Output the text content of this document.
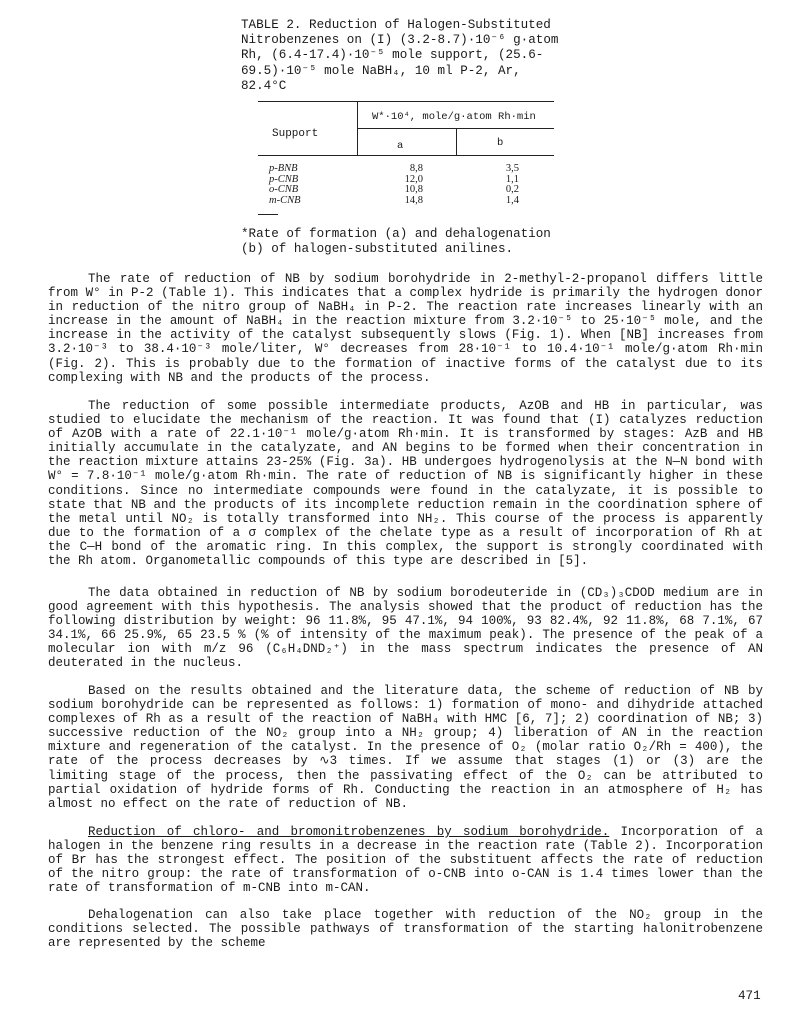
TABLE 2. Reduction of Halogen-Substituted Nitrobenzenes on (I) (3.2-8.7)·10⁻⁶ g·atom Rh, (6.4-17.4)·10⁻⁵ mole support, (25.6-69.5)·10⁻⁵ mole NaBH₄, 10 ml P-2, Ar, 82.4°C

Support
W*·10⁴, mole/g·atom Rh·min
a	b
p-BNB
p-CNB
o-CNB
m-CNB
8,8
12,0
10,8
14,8
3,5
1,1
0,2
1,4

*Rate of formation (a) and dehalogenation (b) of halogen-substituted anilines.

The rate of reduction of NB by sodium borohydride in 2-methyl-2-propanol differs little from W° in P-2 (Table 1). This indicates that a complex hydride is primarily the hydrogen donor in reduction of the nitro group of NaBH₄ in P-2. The reaction rate increases linearly with an increase in the amount of NaBH₄ in the reaction mixture from 3.2·10⁻⁵ to 25·10⁻⁵ mole, and the increase in the activity of the catalyst subsequently slows (Fig. 1). When [NB] increases from 3.2·10⁻³ to 38.4·10⁻³ mole/liter, W° decreases from 28·10⁻¹ to 10.4·10⁻¹ mole/g·atom Rh·min (Fig. 2). This is probably due to the formation of inactive forms of the catalyst due to its complexing with NB and the products of the process.

The reduction of some possible intermediate products, AzOB and HB in particular, was studied to elucidate the mechanism of the reaction. It was found that (I) catalyzes reduction of AzOB with a rate of 22.1·10⁻¹ mole/g·atom Rh·min. It is transformed by stages: AzB and HB initially accumulate in the catalyzate, and AN begins to be formed when their concentration in the reaction mixture attains 23-25% (Fig. 3a). HB undergoes hydrogenolysis at the N—N bond with W° = 7.8·10⁻¹ mole/g·atom Rh·min. The rate of reduction of NB is significantly higher in these conditions. Since no intermediate compounds were found in the catalyzate, it is possible to state that NB and the products of its incomplete reduction remain in the coordination sphere of the metal until NO₂ is totally transformed into NH₂. This course of the process is apparently due to the formation of a σ complex of the chelate type as a result of incorporation of Rh at the C—H bond of the aromatic ring. In this complex, the support is strongly coordinated with the Rh atom. Organometallic compounds of this type are described in [5].

The data obtained in reduction of NB by sodium borodeuteride in (CD₃)₃CDOD medium are in good agreement with this hypothesis. The analysis showed that the product of reduction has the following distribution by weight: 96 11.8%, 95 47.1%, 94 100%, 93 82.4%, 92 11.8%, 68 7.1%, 67 34.1%, 66 25.9%, 65 23.5 % (% of intensity of the maximum peak). The presence of the peak of a molecular ion with m/z 96 (C₆H₄DND₂⁺) in the mass spectrum indicates the presence of AN deuterated in the nucleus.

Based on the results obtained and the literature data, the scheme of reduction of NB by sodium borohydride can be represented as follows: 1) formation of mono- and dihydride attached complexes of Rh as a result of the reaction of NaBH₄ with HMC [6, 7]; 2) coordination of NB; 3) successive reduction of the NO₂ group into a NH₂ group; 4) liberation of AN in the reaction mixture and regeneration of the catalyst. In the presence of O₂ (molar ratio O₂/Rh = 400), the rate of the process decreases by ∿3 times. If we assume that stages (1) or (3) are the limiting stage of the process, then the passivating effect of the O₂ can be attributed to partial oxidation of hydride forms of Rh. Conducting the reaction in an atmosphere of H₂ has almost no effect on the rate of reduction of NB.

Reduction of chloro- and bromonitrobenzenes by sodium borohydride. Incorporation of a halogen in the benzene ring results in a decrease in the reaction rate (Table 2). Incorporation of Br has the strongest effect. The position of the substituent affects the rate of reduction of the nitro group: the rate of transformation of o-CNB into o-CAN is 1.4 times lower than the rate of transformation of m-CNB into m-CAN.

Dehalogenation can also take place together with reduction of the NO₂ group in the conditions selected. The possible pathways of transformation of the starting halonitrobenzene are represented by the scheme

471
